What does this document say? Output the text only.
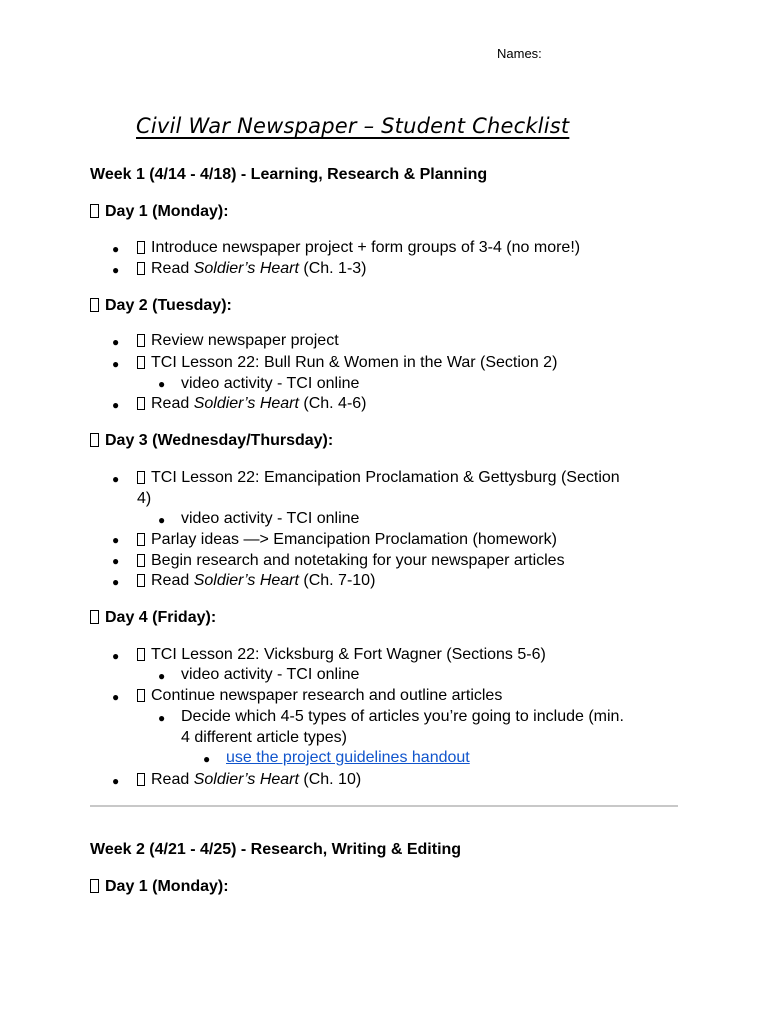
Names:
Civil War Newspaper – Student Checklist
Week 1 (4/14 - 4/18) - Learning, Research & Planning
Day 1 (Monday):
●	Introduce newspaper project + form groups of 3-4 (no more!)
●	Read Soldier’s Heart (Ch. 1-3)
Day 2 (Tuesday):
●	Review newspaper project
●	TCI Lesson 22: Bull Run & Women in the War (Section 2)
● video activity - TCI online
●	Read Soldier’s Heart (Ch. 4-6)
Day 3 (Wednesday/Thursday):
●	TCI Lesson 22: Emancipation Proclamation & Gettysburg (Section
4)
● video activity - TCI online
●	Parlay ideas —> Emancipation Proclamation (homework)
●	Begin research and notetaking for your newspaper articles
●	Read Soldier’s Heart (Ch. 7-10)
Day 4 (Friday):
●	TCI Lesson 22: Vicksburg & Fort Wagner (Sections 5-6)
● video activity - TCI online
●	Continue newspaper research and outline articles
● Decide which 4-5 types of articles you’re going to include (min.
4 different article types)
● use the project guidelines handout
●	Read Soldier’s Heart (Ch. 10)
Week 2 (4/21 - 4/25) - Research, Writing & Editing
Day 1 (Monday):
